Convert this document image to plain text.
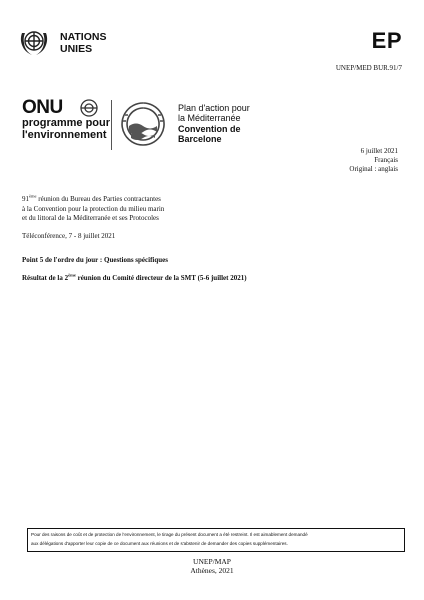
NATIONS
UNIES	EP
UNEP/MED BUR.91/7
ONU
programme pour
l'environnement
Plan d'action pour
la Méditerranée
Convention de
Barcelone
6 juillet 2021
Français
Original : anglais
91ème réunion du Bureau des Parties contractantes
à la Convention pour la protection du milieu marin
et du littoral de la Méditerranée et ses Protocoles
Téléconférence, 7 - 8 juillet 2021
Point 5 de l'ordre du jour : Questions spécifiques
Résultat de la 2ème réunion du Comité directeur de la SMT (5-6 juillet 2021)
Pour des raisons de coût et de protection de l'environnement, le tirage du présent document a été restreint. Il est aimablement demandé
aux délégations d'apporter leur copie de ce document aux réunions et de s'abstenir de demander des copies supplémentaires.
UNEP/MAP
Athènes, 2021
